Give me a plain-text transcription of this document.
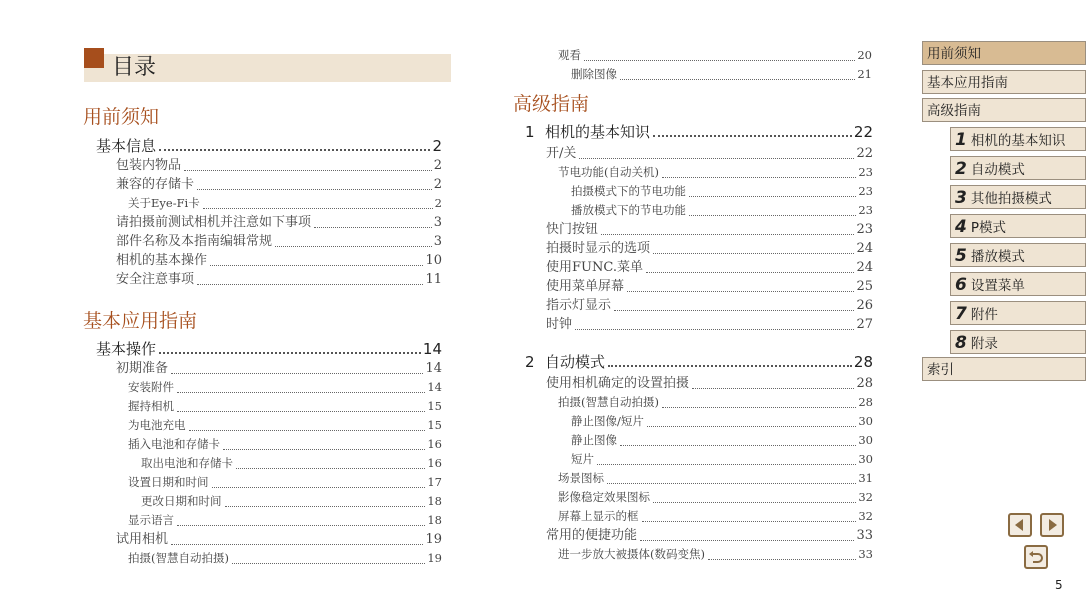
目录
用前须知
基本信息	2
包装内物品	2
兼容的存储卡	2
关于Eye-Fi卡	2
请拍摄前测试相机并注意如下事项	3
部件名称及本指南编辑常规	3
相机的基本操作	10
安全注意事项	11
基本应用指南
基本操作	14
初期准备	14
安装附件	14
握持相机	15
为电池充电	15
插入电池和存储卡	16
取出电池和存储卡	16
设置日期和时间	17
更改日期和时间	18
显示语言	18
试用相机	19
拍摄(智慧自动拍摄)	19
观看	20
删除图像	21
高级指南
1 相机的基本知识	22
开/关	22
节电功能(自动关机)	23
拍摄模式下的节电功能	23
播放模式下的节电功能	23
快门按钮	23
拍摄时显示的选项	24
使用FUNC.菜单	24
使用菜单屏幕	25
指示灯显示	26
时钟	27
2 自动模式	28
使用相机确定的设置拍摄	28
拍摄(智慧自动拍摄)	28
静止图像/短片	30
静止图像	30
短片	30
场景图标	31
影像稳定效果图标	32
屏幕上显示的框	32
常用的便捷功能	33
进一步放大被摄体(数码变焦)	33
用前须知
基本应用指南
高级指南
1 相机的基本知识
2 自动模式
3 其他拍摄模式
4 P模式
5 播放模式
6 设置菜单
7 附件
8 附录
索引
5
